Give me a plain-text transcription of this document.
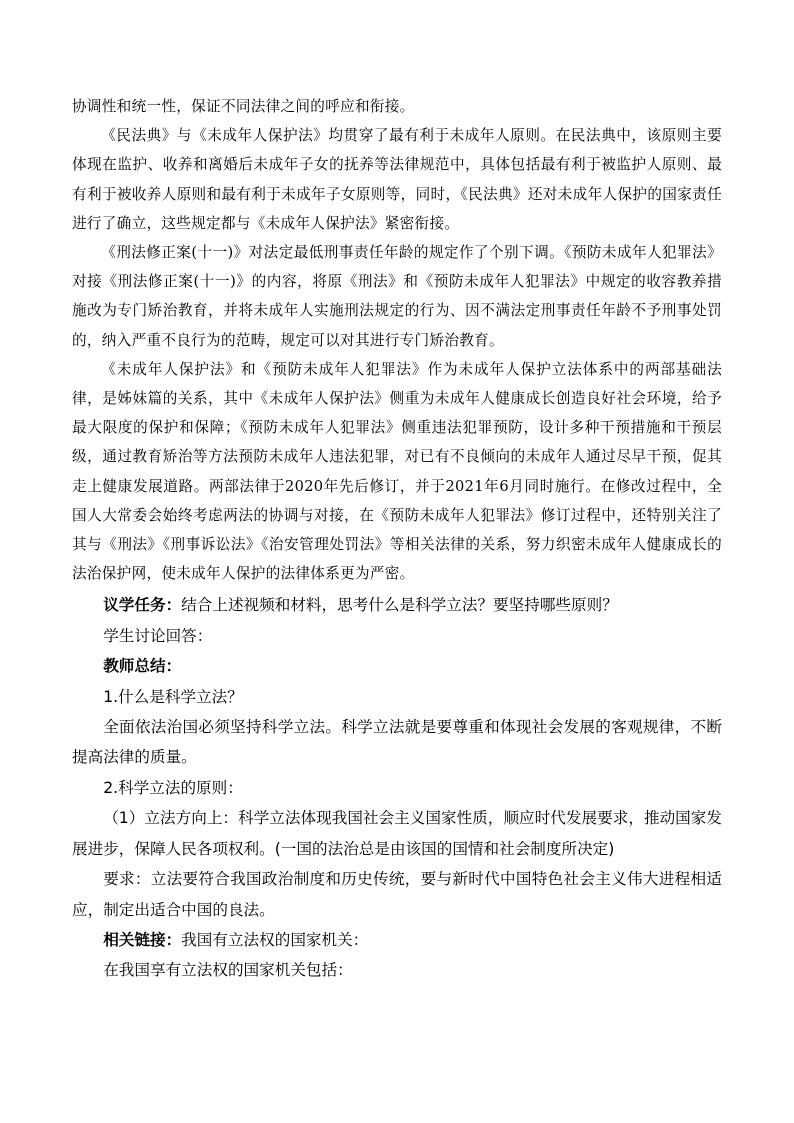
协调性和统一性，保证不同法律之间的呼应和衔接。

《民法典》与《未成年人保护法》均贯穿了最有利于未成年人原则。在民法典中，该原则主要体现在监护、收养和离婚后未成年子女的抚养等法律规范中，具体包括最有利于被监护人原则、最有利于被收养人原则和最有利于未成年子女原则等，同时，《民法典》还对未成年人保护的国家责任进行了确立，这些规定都与《未成年人保护法》紧密衔接。

《刑法修正案(十一)》对法定最低刑事责任年龄的规定作了个别下调。《预防未成年人犯罪法》对接《刑法修正案(十一)》的内容，将原《刑法》和《预防未成年人犯罪法》中规定的收容教养措施改为专门矫治教育，并将未成年人实施刑法规定的行为、因不满法定刑事责任年龄不予刑事处罚的，纳入严重不良行为的范畴，规定可以对其进行专门矫治教育。

《未成年人保护法》和《预防未成年人犯罪法》作为未成年人保护立法体系中的两部基础法律，是姊妹篇的关系，其中《未成年人保护法》侧重为未成年人健康成长创造良好社会环境，给予最大限度的保护和保障；《预防未成年人犯罪法》侧重违法犯罪预防，设计多种干预措施和干预层级，通过教育矫治等方法预防未成年人违法犯罪，对已有不良倾向的未成年人通过尽早干预，促其走上健康发展道路。两部法律于2020年先后修订，并于2021年6月同时施行。在修改过程中，全国人大常委会始终考虑两法的协调与对接，在《预防未成年人犯罪法》修订过程中，还特别关注了其与《刑法》《刑事诉讼法》《治安管理处罚法》等相关法律的关系，努力织密未成年人健康成长的法治保护网，使未成年人保护的法律体系更为严密。

议学任务：结合上述视频和材料，思考什么是科学立法？要坚持哪些原则？

学生讨论回答：

教师总结：

1.什么是科学立法？

全面依法治国必须坚持科学立法。科学立法就是要尊重和体现社会发展的客观规律，不断提高法律的质量。

2.科学立法的原则：

（1）立法方向上：科学立法体现我国社会主义国家性质，顺应时代发展要求，推动国家发展进步，保障人民各项权利。(一国的法治总是由该国的国情和社会制度所决定)

要求：立法要符合我国政治制度和历史传统，要与新时代中国特色社会主义伟大进程相适应，制定出适合中国的良法。

相关链接：我国有立法权的国家机关：

在我国享有立法权的国家机关包括：
